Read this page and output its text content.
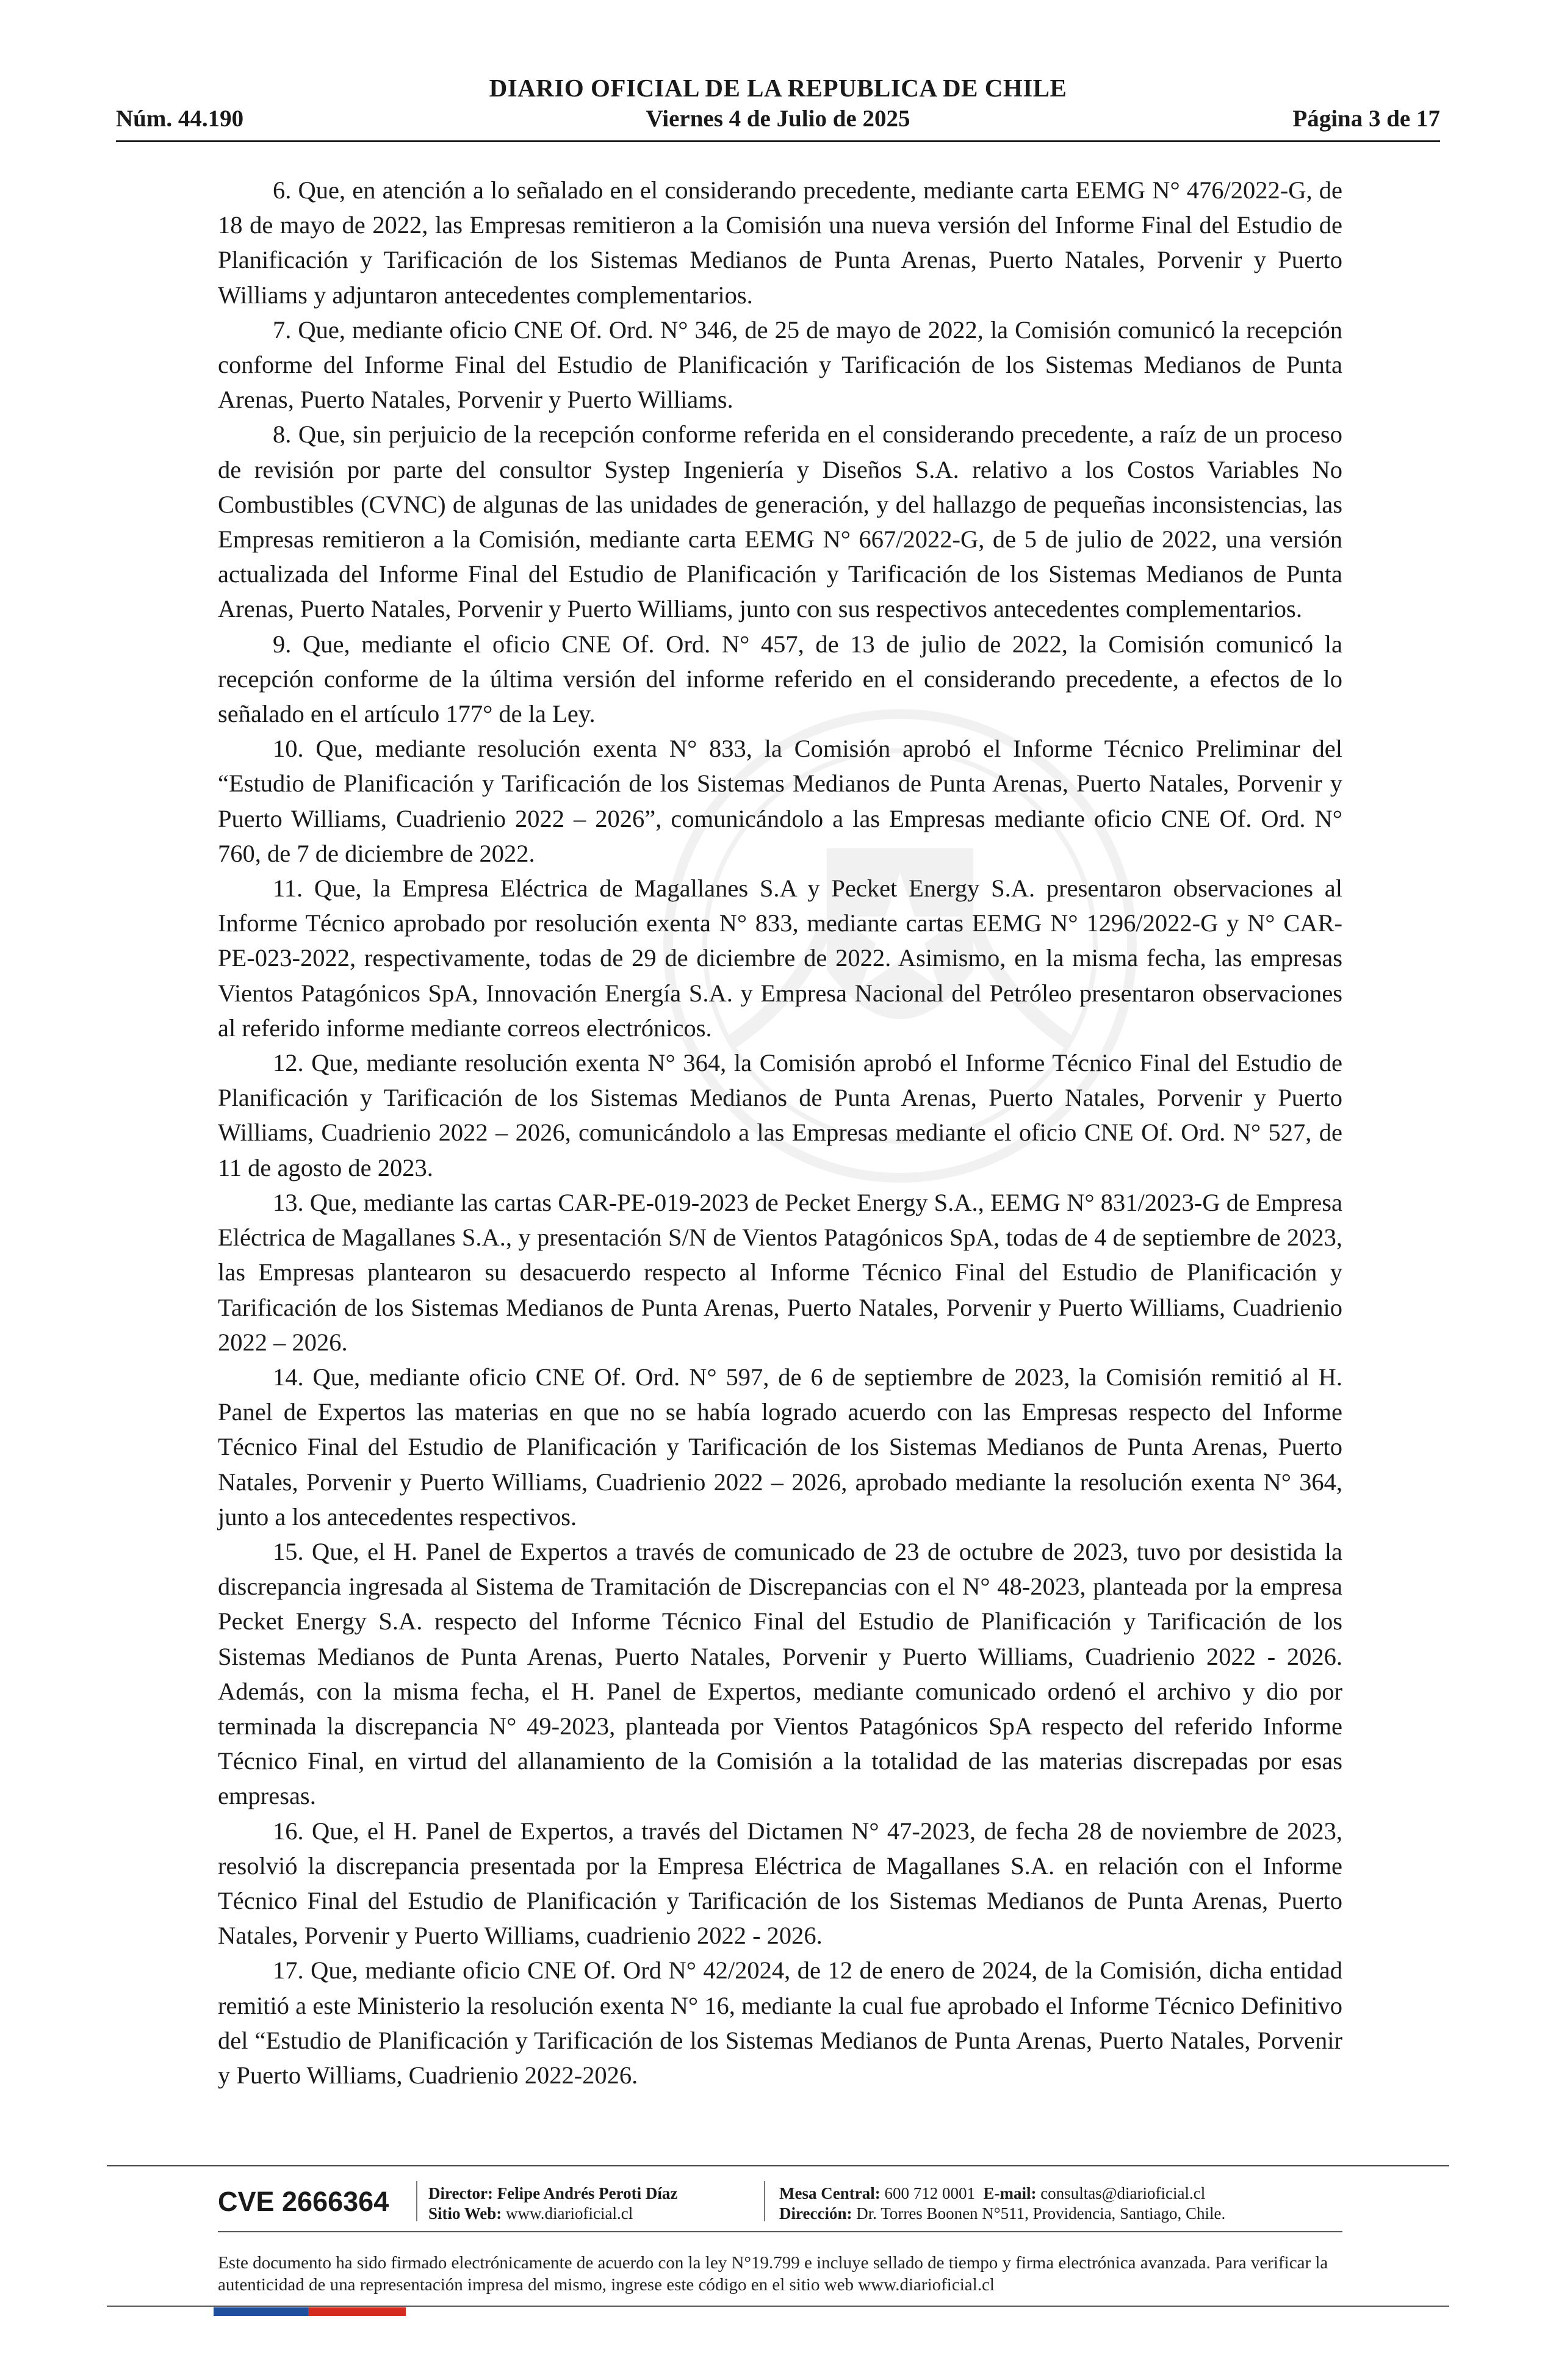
DIARIO OFICIAL DE LA REPUBLICA DE CHILE
Núm. 44.190	Viernes 4 de Julio de 2025	Página 3 de 17

6. Que, en atención a lo señalado en el considerando precedente, mediante carta EEMG N° 476/2022-G, de 18 de mayo de 2022, las Empresas remitieron a la Comisión una nueva versión del Informe Final del Estudio de Planificación y Tarificación de los Sistemas Medianos de Punta Arenas, Puerto Natales, Porvenir y Puerto Williams y adjuntaron antecedentes complementarios.

7. Que, mediante oficio CNE Of. Ord. N° 346, de 25 de mayo de 2022, la Comisión comunicó la recepción conforme del Informe Final del Estudio de Planificación y Tarificación de los Sistemas Medianos de Punta Arenas, Puerto Natales, Porvenir y Puerto Williams.

8. Que, sin perjuicio de la recepción conforme referida en el considerando precedente, a raíz de un proceso de revisión por parte del consultor Systep Ingeniería y Diseños S.A. relativo a los Costos Variables No Combustibles (CVNC) de algunas de las unidades de generación, y del hallazgo de pequeñas inconsistencias, las Empresas remitieron a la Comisión, mediante carta EEMG N° 667/2022-G, de 5 de julio de 2022, una versión actualizada del Informe Final del Estudio de Planificación y Tarificación de los Sistemas Medianos de Punta Arenas, Puerto Natales, Porvenir y Puerto Williams, junto con sus respectivos antecedentes complementarios.

9. Que, mediante el oficio CNE Of. Ord. N° 457, de 13 de julio de 2022, la Comisión comunicó la recepción conforme de la última versión del informe referido en el considerando precedente, a efectos de lo señalado en el artículo 177° de la Ley.

10. Que, mediante resolución exenta N° 833, la Comisión aprobó el Informe Técnico Preliminar del “Estudio de Planificación y Tarificación de los Sistemas Medianos de Punta Arenas, Puerto Natales, Porvenir y Puerto Williams, Cuadrienio 2022 – 2026”, comunicándolo a las Empresas mediante oficio CNE Of. Ord. N° 760, de 7 de diciembre de 2022.

11. Que, la Empresa Eléctrica de Magallanes S.A y Pecket Energy S.A. presentaron observaciones al Informe Técnico aprobado por resolución exenta N° 833, mediante cartas EEMG N° 1296/2022-G y N° CAR-PE-023-2022, respectivamente, todas de 29 de diciembre de 2022. Asimismo, en la misma fecha, las empresas Vientos Patagónicos SpA, Innovación Energía S.A. y Empresa Nacional del Petróleo presentaron observaciones al referido informe mediante correos electrónicos.

12. Que, mediante resolución exenta N° 364, la Comisión aprobó el Informe Técnico Final del Estudio de Planificación y Tarificación de los Sistemas Medianos de Punta Arenas, Puerto Natales, Porvenir y Puerto Williams, Cuadrienio 2022 – 2026, comunicándolo a las Empresas mediante el oficio CNE Of. Ord. N° 527, de 11 de agosto de 2023.

13. Que, mediante las cartas CAR-PE-019-2023 de Pecket Energy S.A., EEMG N° 831/2023-G de Empresa Eléctrica de Magallanes S.A., y presentación S/N de Vientos Patagónicos SpA, todas de 4 de septiembre de 2023, las Empresas plantearon su desacuerdo respecto al Informe Técnico Final del Estudio de Planificación y Tarificación de los Sistemas Medianos de Punta Arenas, Puerto Natales, Porvenir y Puerto Williams, Cuadrienio 2022 – 2026.

14. Que, mediante oficio CNE Of. Ord. N° 597, de 6 de septiembre de 2023, la Comisión remitió al H. Panel de Expertos las materias en que no se había logrado acuerdo con las Empresas respecto del Informe Técnico Final del Estudio de Planificación y Tarificación de los Sistemas Medianos de Punta Arenas, Puerto Natales, Porvenir y Puerto Williams, Cuadrienio 2022 – 2026, aprobado mediante la resolución exenta N° 364, junto a los antecedentes respectivos.

15. Que, el H. Panel de Expertos a través de comunicado de 23 de octubre de 2023, tuvo por desistida la discrepancia ingresada al Sistema de Tramitación de Discrepancias con el N° 48-2023, planteada por la empresa Pecket Energy S.A. respecto del Informe Técnico Final del Estudio de Planificación y Tarificación de los Sistemas Medianos de Punta Arenas, Puerto Natales, Porvenir y Puerto Williams, Cuadrienio 2022 - 2026. Además, con la misma fecha, el H. Panel de Expertos, mediante comunicado ordenó el archivo y dio por terminada la discrepancia N° 49-2023, planteada por Vientos Patagónicos SpA respecto del referido Informe Técnico Final, en virtud del allanamiento de la Comisión a la totalidad de las materias discrepadas por esas empresas.

16. Que, el H. Panel de Expertos, a través del Dictamen N° 47-2023, de fecha 28 de noviembre de 2023, resolvió la discrepancia presentada por la Empresa Eléctrica de Magallanes S.A. en relación con el Informe Técnico Final del Estudio de Planificación y Tarificación de los Sistemas Medianos de Punta Arenas, Puerto Natales, Porvenir y Puerto Williams, cuadrienio 2022 - 2026.

17. Que, mediante oficio CNE Of. Ord N° 42/2024, de 12 de enero de 2024, de la Comisión, dicha entidad remitió a este Ministerio la resolución exenta N° 16, mediante la cual fue aprobado el Informe Técnico Definitivo del “Estudio de Planificación y Tarificación de los Sistemas Medianos de Punta Arenas, Puerto Natales, Porvenir y Puerto Williams, Cuadrienio 2022-2026.

CVE 2666364 Director: Felipe Andrés Peroti Díaz
Sitio Web: www.diarioficial.cl
Mesa Central: 600 712 0001 E-mail: consultas@diarioficial.cl
Dirección: Dr. Torres Boonen N°511, Providencia, Santiago, Chile.
Este documento ha sido firmado electrónicamente de acuerdo con la ley N°19.799 e incluye sellado de tiempo y firma electrónica avanzada. Para verificar la autenticidad de una representación impresa del mismo, ingrese este código en el sitio web www.diarioficial.cl
